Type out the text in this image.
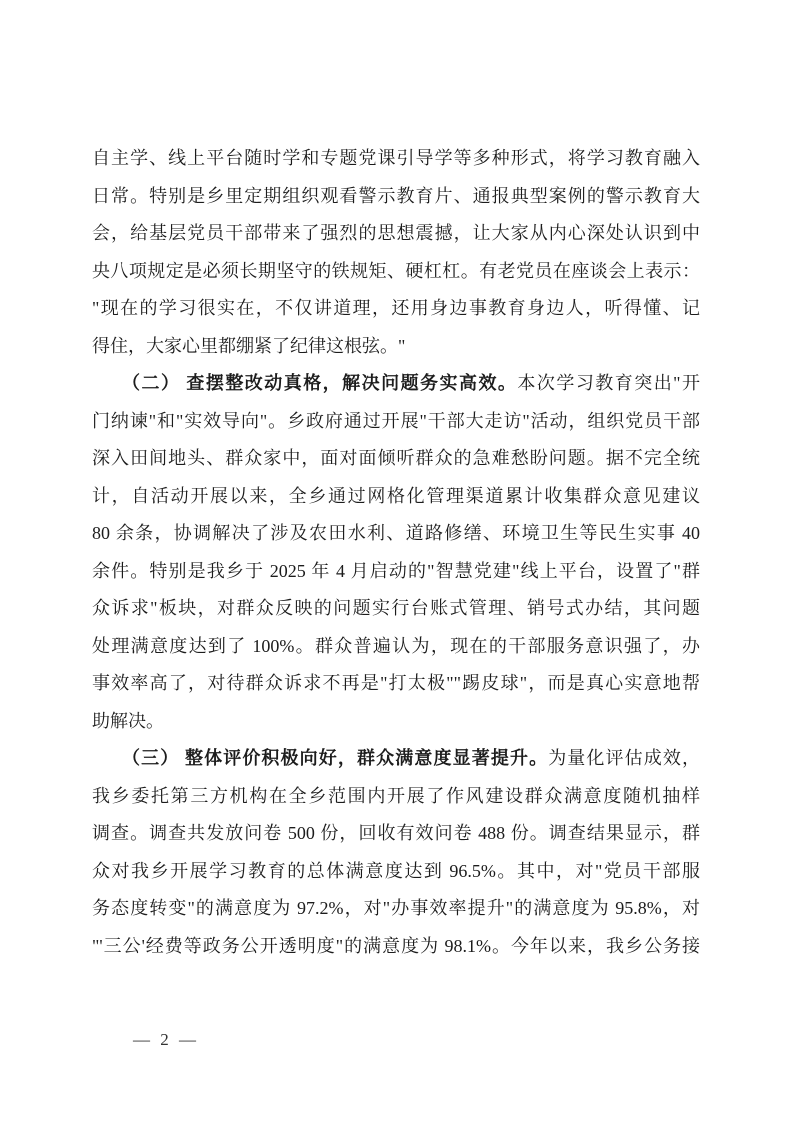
自主学、线上平台随时学和专题党课引导学等多种形式，将学习教育融入
日常。特别是乡里定期组织观看警示教育片、通报典型案例的警示教育大
会，给基层党员干部带来了强烈的思想震撼，让大家从内心深处认识到中
央八项规定是必须长期坚守的铁规矩、硬杠杠。有老党员在座谈会上表示：
"现在的学习很实在，不仅讲道理，还用身边事教育身边人，听得懂、记
得住，大家心里都绷紧了纪律这根弦。"
（二） 查摆整改动真格，解决问题务实高效。本次学习教育突出"开
门纳谏"和"实效导向"。乡政府通过开展"干部大走访"活动，组织党员干部
深入田间地头、群众家中，面对面倾听群众的急难愁盼问题。据不完全统
计，自活动开展以来，全乡通过网格化管理渠道累计收集群众意见建议
80 余条，协调解决了涉及农田水利、道路修缮、环境卫生等民生实事 40
余件。特别是我乡于 2025 年 4 月启动的"智慧党建"线上平台，设置了"群
众诉求"板块，对群众反映的问题实行台账式管理、销号式办结，其问题
处理满意度达到了 100%。群众普遍认为，现在的干部服务意识强了，办
事效率高了，对待群众诉求不再是"打太极""踢皮球"，而是真心实意地帮
助解决。
（三） 整体评价积极向好，群众满意度显著提升。为量化评估成效，
我乡委托第三方机构在全乡范围内开展了作风建设群众满意度随机抽样
调查。调查共发放问卷 500 份，回收有效问卷 488 份。调查结果显示，群
众对我乡开展学习教育的总体满意度达到 96.5%。其中，对"党员干部服
务态度转变"的满意度为 97.2%，对"办事效率提升"的满意度为 95.8%，对
"'三公'经费等政务公开透明度"的满意度为 98.1%。今年以来，我乡公务接
— 2 —
